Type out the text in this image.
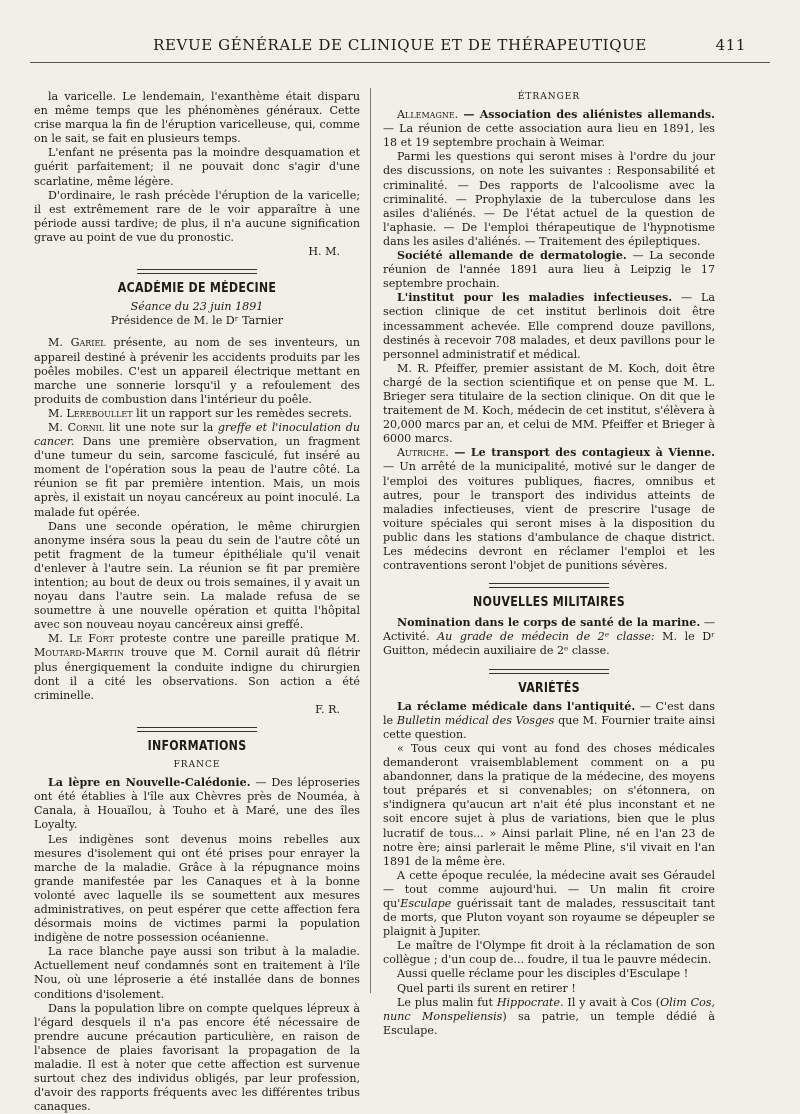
REVUE GÉNÉRALE DE CLINIQUE ET DE THÉRAPEUTIQUE	411

la varicelle. Le lendemain, l'exanthème était disparu en même temps que les phénomènes généraux. Cette crise marqua la fin de l'éruption varicelleuse, qui, comme on le sait, se fait en plusieurs temps.

L'enfant ne présenta pas la moindre desquamation et guérit parfaitement; il ne pouvait donc s'agir d'une scarlatine, même légère.

D'ordinaire, le rash précède l'éruption de la varicelle; il est extrêmement rare de le voir apparaître à une période aussi tardive; de plus, il n'a aucune signification grave au point de vue du pronostic.

H. M.
ACADÉMIE DE MÉDECINE

Séance du 23 juin 1891

Présidence de M. le Dʳ Tarnier

M. Gariel présente, au nom de ses inventeurs, un appareil destiné à prévenir les accidents produits par les poêles mobiles. C'est un appareil électrique mettant en marche une sonnerie lorsqu'il y a refoulement des produits de combustion dans l'intérieur du poêle.

M. Lereboullet lit un rapport sur les remèdes secrets.

M. Cornil lit une note sur la greffe et l'inoculation du cancer. Dans une première observation, un fragment d'une tumeur du sein, sarcome fasciculé, fut inséré au moment de l'opération sous la peau de l'autre côté. La réunion se fit par première intention. Mais, un mois après, il existait un noyau cancéreux au point inoculé. La malade fut opérée.

Dans une seconde opération, le même chirurgien anonyme inséra sous la peau du sein de l'autre côté un petit fragment de la tumeur épithéliale qu'il venait d'enlever à l'autre sein. La réunion se fit par première intention; au bout de deux ou trois semaines, il y avait un noyau dans l'autre sein. La malade refusa de se soumettre à une nouvelle opération et quitta l'hôpital avec son nouveau noyau cancéreux ainsi greffé.

M. Le Fort proteste contre une pareille pratique M. Moutard-Martin trouve que M. Cornil aurait dû flétrir plus énergiquement la conduite indigne du chirurgien dont il a cité les observations. Son action a été criminelle.

F. R.
INFORMATIONS
FRANCE

La lèpre en Nouvelle-Calédonie. — Des léproseries ont été établies à l'île aux Chèvres près de Nouméa, à Canala, à Houaïlou, à Touho et à Maré, une des îles Loyalty.

Les indigènes sont devenus moins rebelles aux mesures d'isolement qui ont été prises pour enrayer la marche de la maladie. Grâce à la répugnance moins grande manifestée par les Canaques et à la bonne volonté avec laquelle ils se soumettent aux mesures administratives, on peut espérer que cette affection fera désormais moins de victimes parmi la population indigène de notre possession océanienne.

La race blanche paye aussi son tribut à la maladie. Actuellement neuf condamnés sont en traitement à l'île Nou, où une léproserie a été installée dans de bonnes conditions d'isolement.

Dans la population libre on compte quelques lépreux à l'égard desquels il n'a pas encore été nécessaire de prendre aucune précaution particulière, en raison de l'absence de plaies favorisant la propagation de la maladie. Il est à noter que cette affection est survenue surtout chez des individus obligés, par leur profession, d'avoir des rapports fréquents avec les différentes tribus canaques.

ÉTRANGER

Allemagne. — Association des aliénistes allemands. — La réunion de cette association aura lieu en 1891, les 18 et 19 septembre prochain à Weimar.

Parmi les questions qui seront mises à l'ordre du jour des discussions, on note les suivantes : Responsabilité et criminalité. — Des rapports de l'alcoolisme avec la criminalité. — Prophylaxie de la tuberculose dans les asiles d'aliénés. — De l'état actuel de la question de l'aphasie. — De l'emploi thérapeutique de l'hypnotisme dans les asiles d'aliénés. — Traitement des épileptiques.

Société allemande de dermatologie. — La seconde réunion de l'année 1891 aura lieu à Leipzig le 17 septembre prochain.

L'institut pour les maladies infectieuses. — La section clinique de cet institut berlinois doit être incessamment achevée. Elle comprend douze pavillons, destinés à recevoir 708 malades, et deux pavillons pour le personnel administratif et médical.

M. R. Pfeiffer, premier assistant de M. Koch, doit être chargé de la section scientifique et on pense que M. L. Brieger sera titulaire de la section clinique. On dit que le traitement de M. Koch, médecin de cet institut, s'élèvera à 20,000 marcs par an, et celui de MM. Pfeiffer et Brieger à 6000 marcs.

Autriche. — Le transport des contagieux à Vienne. — Un arrêté de la municipalité, motivé sur le danger de l'emploi des voitures publiques, fiacres, omnibus et autres, pour le transport des individus atteints de maladies infectieuses, vient de prescrire l'usage de voiture spéciales qui seront mises à la disposition du public dans les stations d'ambulance de chaque district. Les médecins devront en réclamer l'emploi et les contraventions seront l'objet de punitions sévères.

NOUVELLES MILITAIRES

Nomination dans le corps de santé de la marine. — Activité. Au grade de médecin de 2ᵉ classe: M. le Dʳ Guitton, médecin auxiliaire de 2ᵉ classe.

VARIÉTÉS

La réclame médicale dans l'antiquité. — C'est dans le Bulletin médical des Vosges que M. Fournier traite ainsi cette question.

« Tous ceux qui vont au fond des choses médicales demanderont vraisemblablement comment on a pu abandonner, dans la pratique de la médecine, des moyens tout préparés et si convenables; on s'étonnera, on s'indignera qu'aucun art n'ait été plus inconstant et ne soit encore sujet à plus de variations, bien que le plus lucratif de tous... » Ainsi parlait Pline, né en l'an 23 de notre ère; ainsi parlerait le même Pline, s'il vivait en l'an 1891 de la même ère.

A cette époque reculée, la médecine avait ses Géraudel — tout comme aujourd'hui. — Un malin fit croire qu'Esculape guérissait tant de malades, ressuscitait tant de morts, que Pluton voyant son royaume se dépeupler se plaignit à Jupiter.

Le maître de l'Olympe fit droit à la réclamation de son collègue ; d'un coup de... foudre, il tua le pauvre médecin.

Aussi quelle réclame pour les disciples d'Esculape !

Quel parti ils surent en retirer !

Le plus malin fut Hippocrate. Il y avait à Cos (Olim Cos, nunc Monspeliensis) sa patrie, un temple dédié à Esculape.
